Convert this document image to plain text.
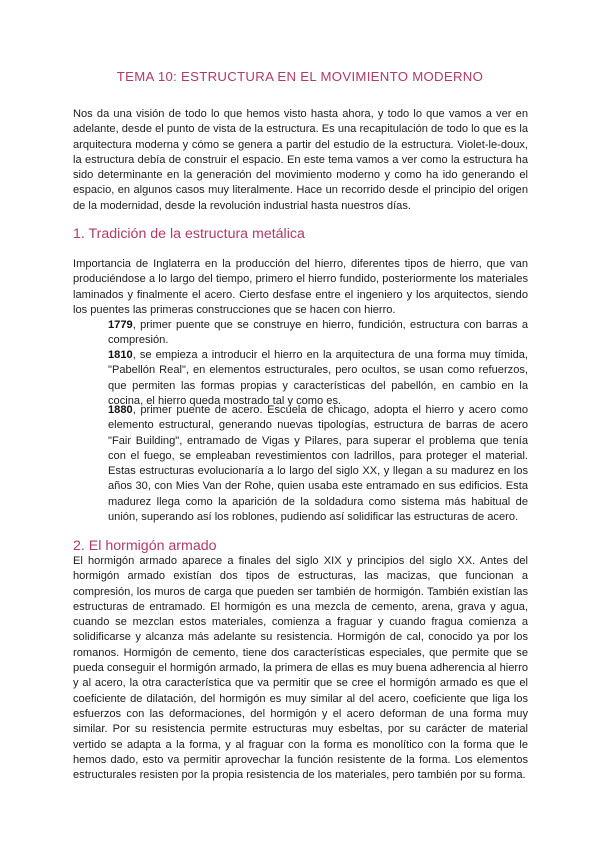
TEMA 10: ESTRUCTURA EN EL MOVIMIENTO MODERNO

Nos da una visión de todo lo que hemos visto hasta ahora, y todo lo que vamos a ver en adelante, desde el punto de vista de la estructura. Es una recapitulación de todo lo que es la arquitectura moderna y cómo se genera a partir del estudio de la estructura. Violet-le-doux, la estructura debía de construir el espacio. En este tema vamos a ver como la estructura ha sido determinante en la generación del movimiento moderno y como ha ido generando el espacio, en algunos casos muy literalmente. Hace un recorrido desde el principio del origen de la modernidad, desde la revolución industrial hasta nuestros días.

1. Tradición de la estructura metálica

Importancia de Inglaterra en la producción del hierro, diferentes tipos de hierro, que van produciéndose a lo largo del tiempo, primero el hierro fundido, posteriormente los materiales laminados y finalmente el acero. Cierto desfase entre el ingeniero y los arquitectos, siendo los puentes las primeras construcciones que se hacen con hierro.

1779, primer puente que se construye en hierro, fundición, estructura con barras a compresión.

1810, se empieza a introducir el hierro en la arquitectura de una forma muy tímida, "Pabellón Real", en elementos estructurales, pero ocultos, se usan como refuerzos, que permiten las formas propias y características del pabellón, en cambio en la cocina, el hierro queda mostrado tal y como es.

1880, primer puente de acero. Escuela de chicago, adopta el hierro y acero como elemento estructural, generando nuevas tipologías, estructura de barras de acero "Fair Building", entramado de Vigas y Pilares, para superar el problema que tenía con el fuego, se empleaban revestimientos con ladrillos, para proteger el material. Estas estructuras evolucionaría a lo largo del siglo XX, y llegan a su madurez en los años 30, con Mies Van der Rohe, quien usaba este entramado en sus edificios. Esta madurez llega como la aparición de la soldadura como sistema más habitual de unión, superando así los roblones, pudiendo así solidificar las estructuras de acero.

2. El hormigón armado

El hormigón armado aparece a finales del siglo XIX y principios del siglo XX. Antes del hormigón armado existían dos tipos de estructuras, las macizas, que funcionan a compresión, los muros de carga que pueden ser también de hormigón. También existían las estructuras de entramado. El hormigón es una mezcla de cemento, arena, grava y agua, cuando se mezclan estos materiales, comienza a fraguar y cuando fragua comienza a solidificarse y alcanza más adelante su resistencia. Hormigón de cal, conocido ya por los romanos. Hormigón de cemento, tiene dos características especiales, que permite que se pueda conseguir el hormigón armado, la primera de ellas es muy buena adherencia al hierro y al acero, la otra característica que va permitir que se cree el hormigón armado es que el coeficiente de dilatación, del hormigón es muy similar al del acero, coeficiente que liga los esfuerzos con las deformaciones, del hormigón y el acero deforman de una forma muy similar. Por su resistencia permite estructuras muy esbeltas, por su carácter de material vertido se adapta a la forma, y al fraguar con la forma es monolítico con la forma que le hemos dado, esto va permitir aprovechar la función resistente de la forma. Los elementos estructurales resisten por la propia resistencia de los materiales, pero también por su forma.
